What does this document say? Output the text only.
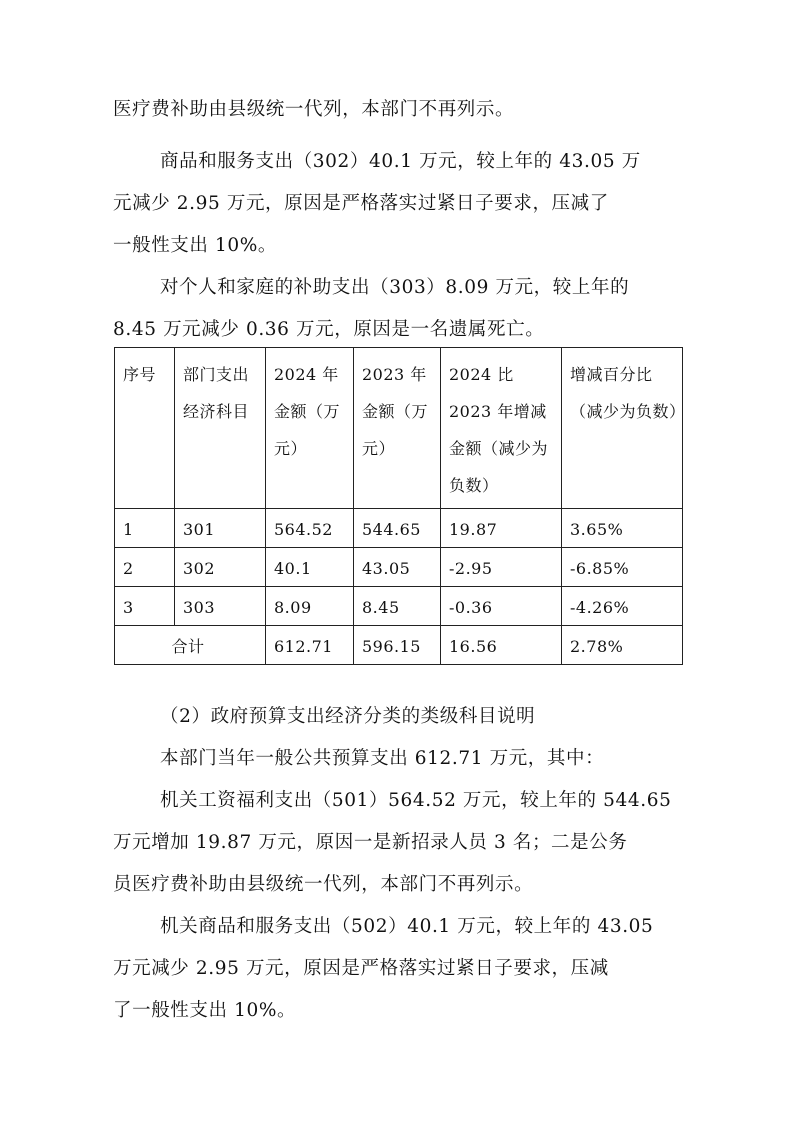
医疗费补助由县级统一代列，本部门不再列示。
商品和服务支出（302）40.1 万元，较上年的 43.05 万
元减少 2.95 万元，原因是严格落实过紧日子要求，压减了
一般性支出 10%。
对个人和家庭的补助支出（303）8.09 万元，较上年的
8.45 万元减少 0.36 万元，原因是一名遗属死亡。
序号	部门支出经济科目	2024 年金额（万元）	2023 年金额（万元）	2024 比 2023 年增减金额（减少为负数）	增减百分比（减少为负数）
1	301	564.52	544.65	19.87	3.65%
2	302	40.1	43.05	-2.95	-6.85%
3	303	8.09	8.45	-0.36	-4.26%
合计		612.71	596.15	16.56	2.78%
（2）政府预算支出经济分类的类级科目说明
本部门当年一般公共预算支出 612.71 万元，其中：
机关工资福利支出（501）564.52 万元，较上年的 544.65
万元增加 19.87 万元，原因一是新招录人员 3 名；二是公务
员医疗费补助由县级统一代列，本部门不再列示。
机关商品和服务支出（502）40.1 万元，较上年的 43.05
万元减少 2.95 万元，原因是严格落实过紧日子要求，压减
了一般性支出 10%。
